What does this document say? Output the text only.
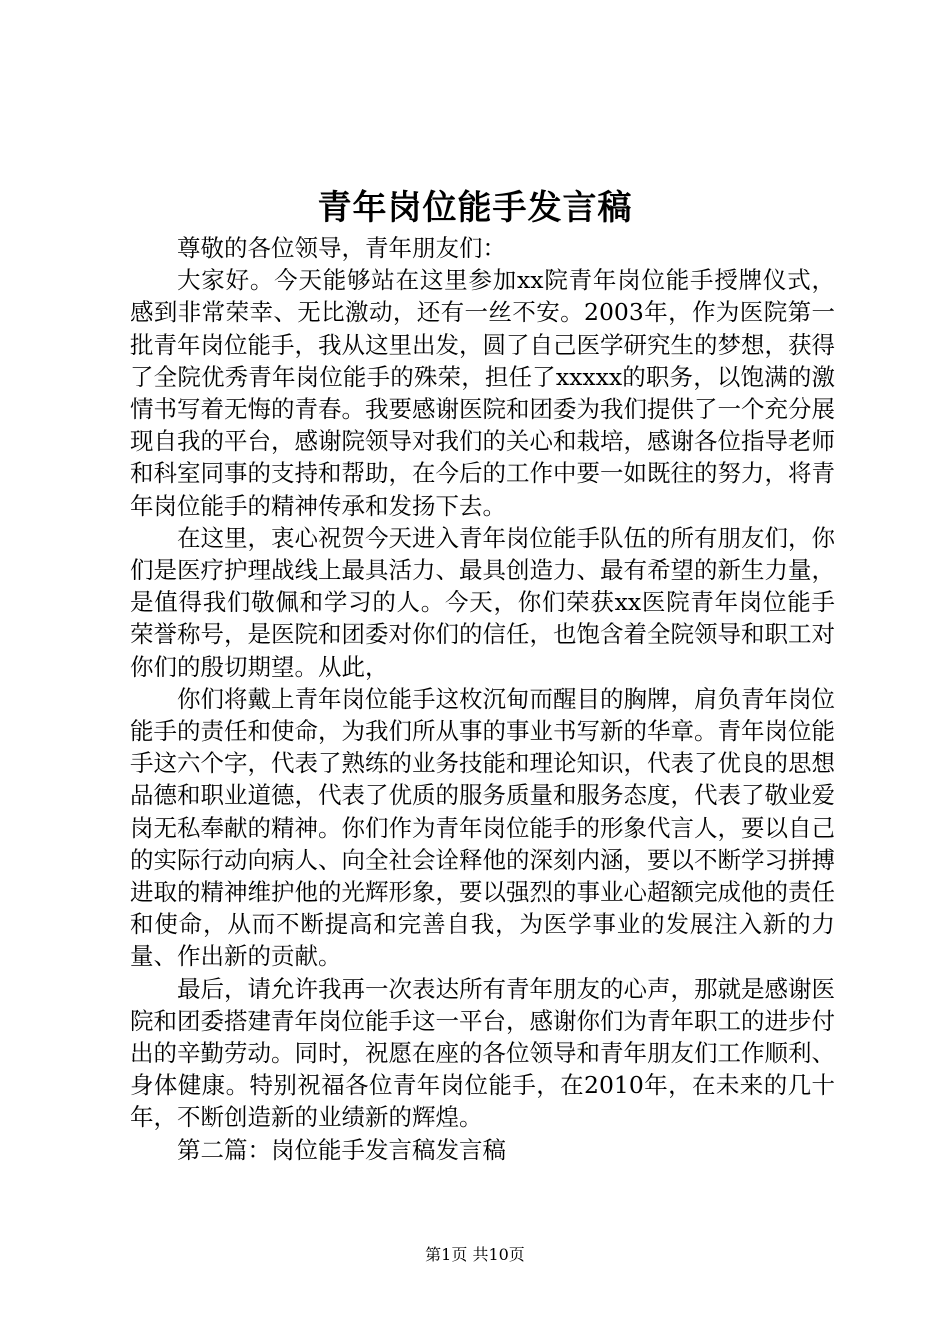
青年岗位能手发言稿

尊敬的各位领导，青年朋友们：

大家好。今天能够站在这里参加xx院青年岗位能手授牌仪式，感到非常荣幸、无比激动，还有一丝不安。2003年，作为医院第一批青年岗位能手，我从这里出发，圆了自己医学研究生的梦想，获得了全院优秀青年岗位能手的殊荣，担任了xxxxx的职务，以饱满的激情书写着无悔的青春。我要感谢医院和团委为我们提供了一个充分展现自我的平台，感谢院领导对我们的关心和栽培，感谢各位指导老师和科室同事的支持和帮助，在今后的工作中要一如既往的努力，将青年岗位能手的精神传承和发扬下去。

在这里，衷心祝贺今天进入青年岗位能手队伍的所有朋友们，你们是医疗护理战线上最具活力、最具创造力、最有希望的新生力量，是值得我们敬佩和学习的人。今天，你们荣获xx医院青年岗位能手荣誉称号，是医院和团委对你们的信任，也饱含着全院领导和职工对你们的殷切期望。从此，

你们将戴上青年岗位能手这枚沉甸而醒目的胸牌，肩负青年岗位能手的责任和使命，为我们所从事的事业书写新的华章。青年岗位能手这六个字，代表了熟练的业务技能和理论知识，代表了优良的思想品德和职业道德，代表了优质的服务质量和服务态度，代表了敬业爱岗无私奉献的精神。你们作为青年岗位能手的形象代言人，要以自己的实际行动向病人、向全社会诠释他的深刻内涵，要以不断学习拼搏进取的精神维护他的光辉形象，要以强烈的事业心超额完成他的责任和使命，从而不断提高和完善自我，为医学事业的发展注入新的力量、作出新的贡献。

最后，请允许我再一次表达所有青年朋友的心声，那就是感谢医院和团委搭建青年岗位能手这一平台，感谢你们为青年职工的进步付出的辛勤劳动。同时，祝愿在座的各位领导和青年朋友们工作顺利、身体健康。特别祝福各位青年岗位能手，在2010年，在未来的几十年，不断创造新的业绩新的辉煌。

第二篇：岗位能手发言稿发言稿

第1页 共10页
